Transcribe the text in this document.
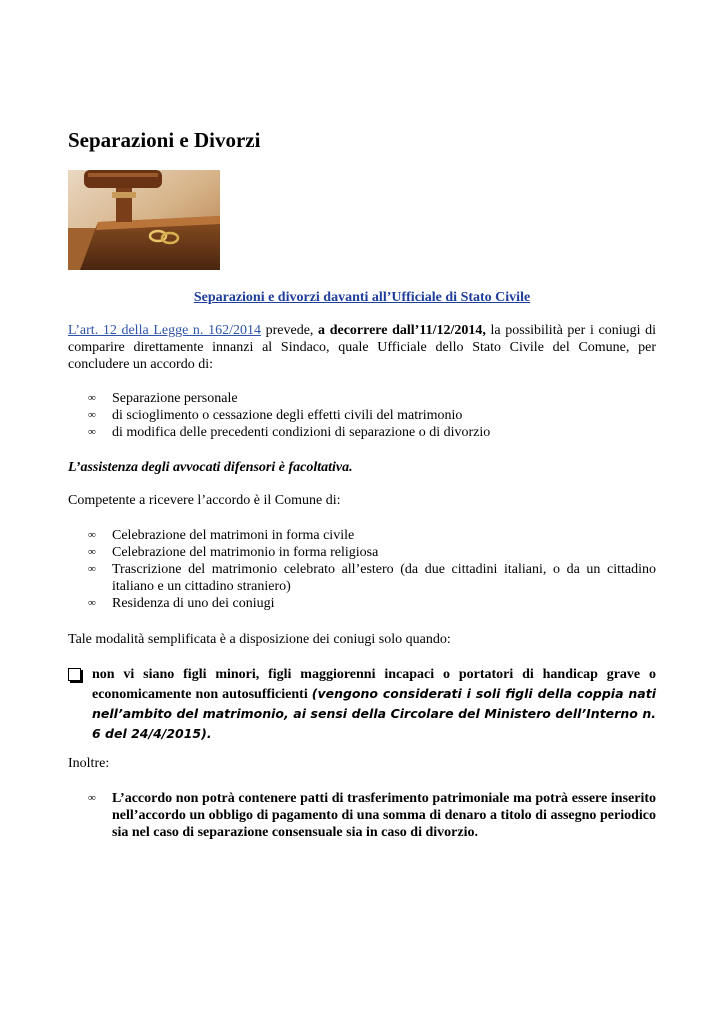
Separazioni e Divorzi
Separazioni e divorzi davanti all’Ufficiale di Stato Civile

L’art. 12 della Legge n. 162/2014 prevede, a decorrere dall’11/12/2014, la possibilità per i coniugi di comparire direttamente innanzi al Sindaco, quale Ufficiale dello Stato Civile del Comune, per concludere un accordo di:

∞ Separazione personale
∞ di scioglimento o cessazione degli effetti civili del matrimonio
∞ di modifica delle precedenti condizioni di separazione o di divorzio

L’assistenza degli avvocati difensori è facoltativa.

Competente a ricevere l’accordo è il Comune di:

∞ Celebrazione del matrimoni in forma civile
∞ Celebrazione del matrimonio in forma religiosa
∞ Trascrizione del matrimonio celebrato all’estero (da due cittadini italiani, o da un cittadino italiano e un cittadino straniero)
∞ Residenza di uno dei coniugi

Tale modalità semplificata è a disposizione dei coniugi solo quando:

non vi siano figli minori, figli maggiorenni incapaci o portatori di handicap grave o economicamente non autosufficienti (vengono considerati i soli figli della coppia nati nell’ambito del matrimonio, ai sensi della Circolare del Ministero dell’Interno n. 6 del 24/4/2015).

Inoltre:

∞ L’accordo non potrà contenere patti di trasferimento patrimoniale ma potrà essere inserito nell’accordo un obbligo di pagamento di una somma di denaro a titolo di assegno periodico sia nel caso di separazione consensuale sia in caso di divorzio.
